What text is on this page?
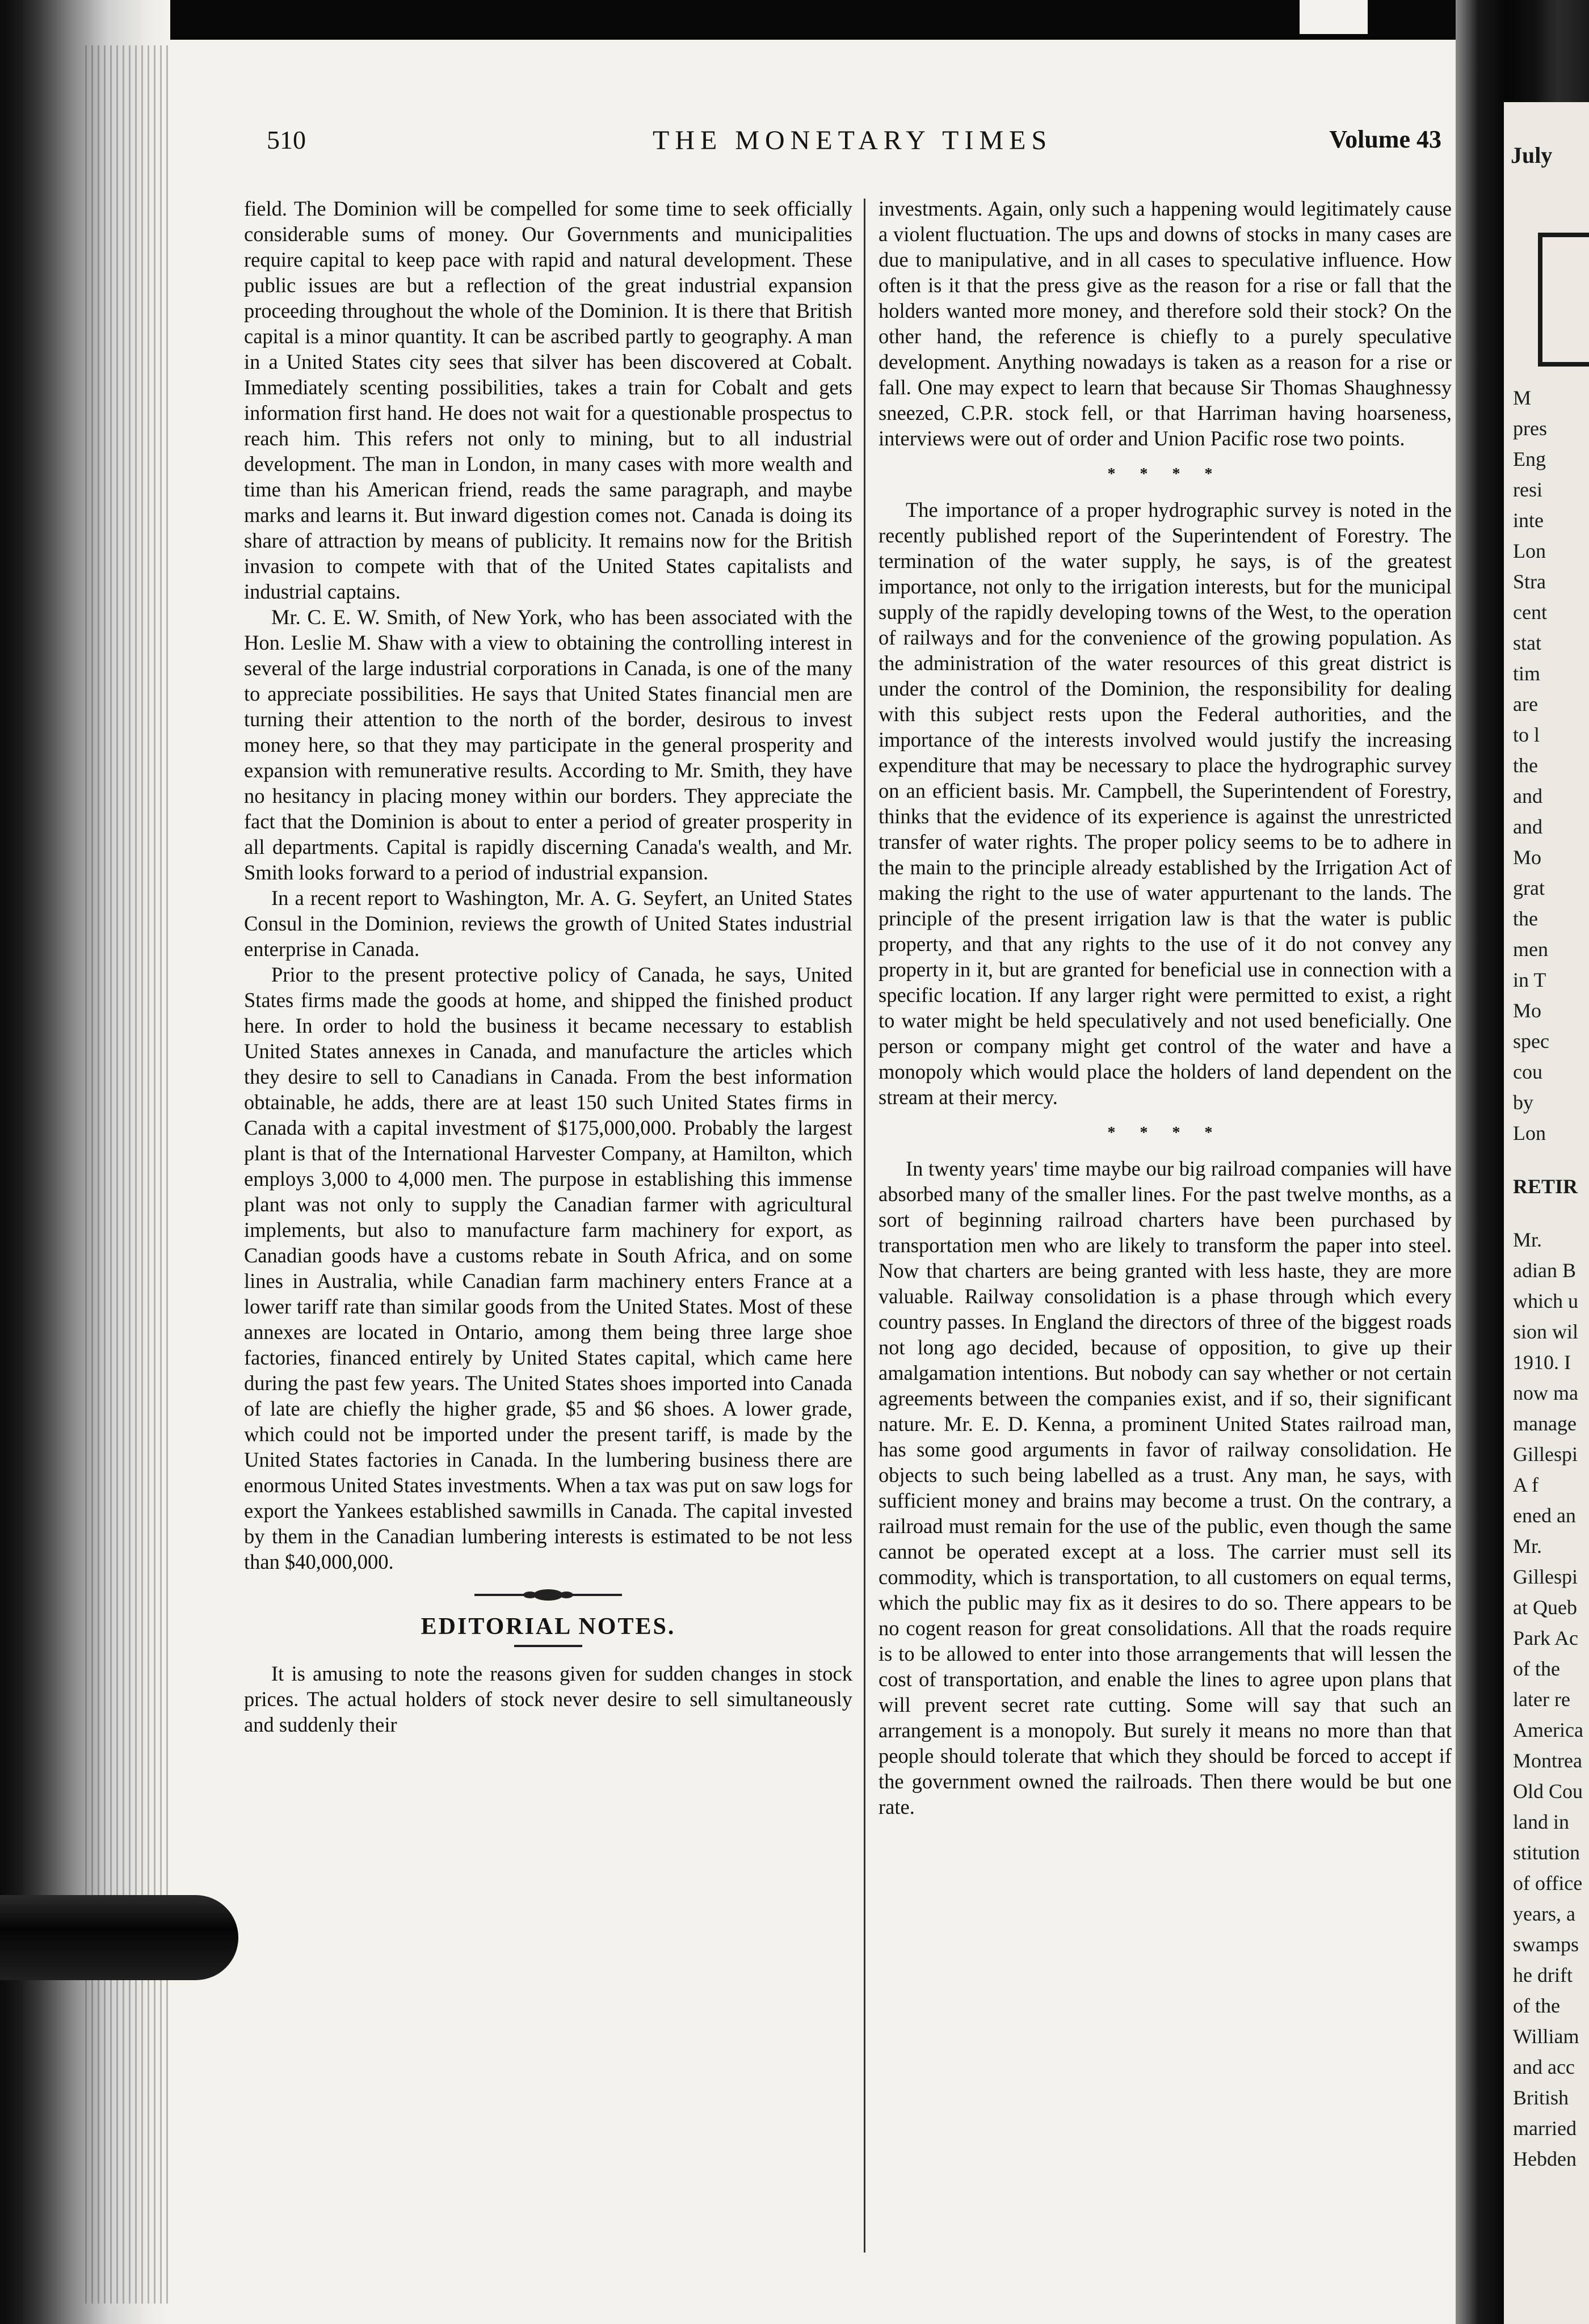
July
M
pres
Eng
resi
inte
Lon
Stra
cent
stat
tim
are
to l
the
and
and
Mo
grat
the
men
in T
Mo
spec
cou
by
Lon
RETIR
Mr.
adian B
which u
sion wil
1910. I
now ma
manage
Gillespi
A f
ened an
Mr.
Gillespi
at Queb
Park Ac
of the
later re
America
Montrea
Old Cou
land in
stitution
of office
years, a
swamps
he drift
of the
William
and acc
British
married
Hebden
510	THE MONETARY TIMES	Volume 43

field. The Dominion will be compelled for some time to seek officially considerable sums of money. Our Governments and municipalities require capital to keep pace with rapid and natural development. These public issues are but a reflection of the great industrial expansion proceeding throughout the whole of the Dominion. It is there that British capital is a minor quantity. It can be ascribed partly to geography. A man in a United States city sees that silver has been discovered at Cobalt. Immediately scenting possibilities, takes a train for Cobalt and gets information first hand. He does not wait for a questionable prospectus to reach him. This refers not only to mining, but to all industrial development. The man in London, in many cases with more wealth and time than his American friend, reads the same paragraph, and maybe marks and learns it. But inward digestion comes not. Canada is doing its share of attraction by means of publicity. It remains now for the British invasion to compete with that of the United States capitalists and industrial captains.

Mr. C. E. W. Smith, of New York, who has been associated with the Hon. Leslie M. Shaw with a view to obtaining the controlling interest in several of the large industrial corporations in Canada, is one of the many to appreciate possibilities. He says that United States financial men are turning their attention to the north of the border, desirous to invest money here, so that they may participate in the general prosperity and expansion with remunerative results. According to Mr. Smith, they have no hesitancy in placing money within our borders. They appreciate the fact that the Dominion is about to enter a period of greater prosperity in all departments. Capital is rapidly discerning Canada's wealth, and Mr. Smith looks forward to a period of industrial expansion.

In a recent report to Washington, Mr. A. G. Seyfert, an United States Consul in the Dominion, reviews the growth of United States industrial enterprise in Canada.

Prior to the present protective policy of Canada, he says, United States firms made the goods at home, and shipped the finished product here. In order to hold the business it became necessary to establish United States annexes in Canada, and manufacture the articles which they desire to sell to Canadians in Canada. From the best information obtainable, he adds, there are at least 150 such United States firms in Canada with a capital investment of $175,000,000. Probably the largest plant is that of the International Harvester Company, at Hamilton, which employs 3,000 to 4,000 men. The purpose in establishing this immense plant was not only to supply the Canadian farmer with agricultural implements, but also to manufacture farm machinery for export, as Canadian goods have a customs rebate in South Africa, and on some lines in Australia, while Canadian farm machinery enters France at a lower tariff rate than similar goods from the United States. Most of these annexes are located in Ontario, among them being three large shoe factories, financed entirely by United States capital, which came here during the past few years. The United States shoes imported into Canada of late are chiefly the higher grade, $5 and $6 shoes. A lower grade, which could not be imported under the present tariff, is made by the United States factories in Canada. In the lumbering business there are enormous United States investments. When a tax was put on saw logs for export the Yankees established sawmills in Canada. The capital invested by them in the Canadian lumbering interests is estimated to be not less than $40,000,000.

EDITORIAL NOTES.

It is amusing to note the reasons given for sudden changes in stock prices. The actual holders of stock never desire to sell simultaneously and suddenly their

investments. Again, only such a happening would legitimately cause a violent fluctuation. The ups and downs of stocks in many cases are due to manipulative, and in all cases to speculative influence. How often is it that the press give as the reason for a rise or fall that the holders wanted more money, and therefore sold their stock? On the other hand, the reference is chiefly to a purely speculative development. Anything nowadays is taken as a reason for a rise or fall. One may expect to learn that because Sir Thomas Shaughnessy sneezed, C.P.R. stock fell, or that Harriman having hoarseness, interviews were out of order and Union Pacific rose two points.

* * * *

The importance of a proper hydrographic survey is noted in the recently published report of the Superintendent of Forestry. The termination of the water supply, he says, is of the greatest importance, not only to the irrigation interests, but for the municipal supply of the rapidly developing towns of the West, to the operation of railways and for the convenience of the growing population. As the administration of the water resources of this great district is under the control of the Dominion, the responsibility for dealing with this subject rests upon the Federal authorities, and the importance of the interests involved would justify the increasing expenditure that may be necessary to place the hydrographic survey on an efficient basis. Mr. Campbell, the Superintendent of Forestry, thinks that the evidence of its experience is against the unrestricted transfer of water rights. The proper policy seems to be to adhere in the main to the principle already established by the Irrigation Act of making the right to the use of water appurtenant to the lands. The principle of the present irrigation law is that the water is public property, and that any rights to the use of it do not convey any property in it, but are granted for beneficial use in connection with a specific location. If any larger right were permitted to exist, a right to water might be held speculatively and not used beneficially. One person or company might get control of the water and have a monopoly which would place the holders of land dependent on the stream at their mercy.

* * * *

In twenty years' time maybe our big railroad companies will have absorbed many of the smaller lines. For the past twelve months, as a sort of beginning railroad charters have been purchased by transportation men who are likely to transform the paper into steel. Now that charters are being granted with less haste, they are more valuable. Railway consolidation is a phase through which every country passes. In England the directors of three of the biggest roads not long ago decided, because of opposition, to give up their amalgamation intentions. But nobody can say whether or not certain agreements between the companies exist, and if so, their significant nature. Mr. E. D. Kenna, a prominent United States railroad man, has some good arguments in favor of railway consolidation. He objects to such being labelled as a trust. Any man, he says, with sufficient money and brains may become a trust. On the contrary, a railroad must remain for the use of the public, even though the same cannot be operated except at a loss. The carrier must sell its commodity, which is transportation, to all customers on equal terms, which the public may fix as it desires to do so. There appears to be no cogent reason for great consolidations. All that the roads require is to be allowed to enter into those arrangements that will lessen the cost of transportation, and enable the lines to agree upon plans that will prevent secret rate cutting. Some will say that such an arrangement is a monopoly. But surely it means no more than that people should tolerate that which they should be forced to accept if the government owned the railroads. Then there would be but one rate.
